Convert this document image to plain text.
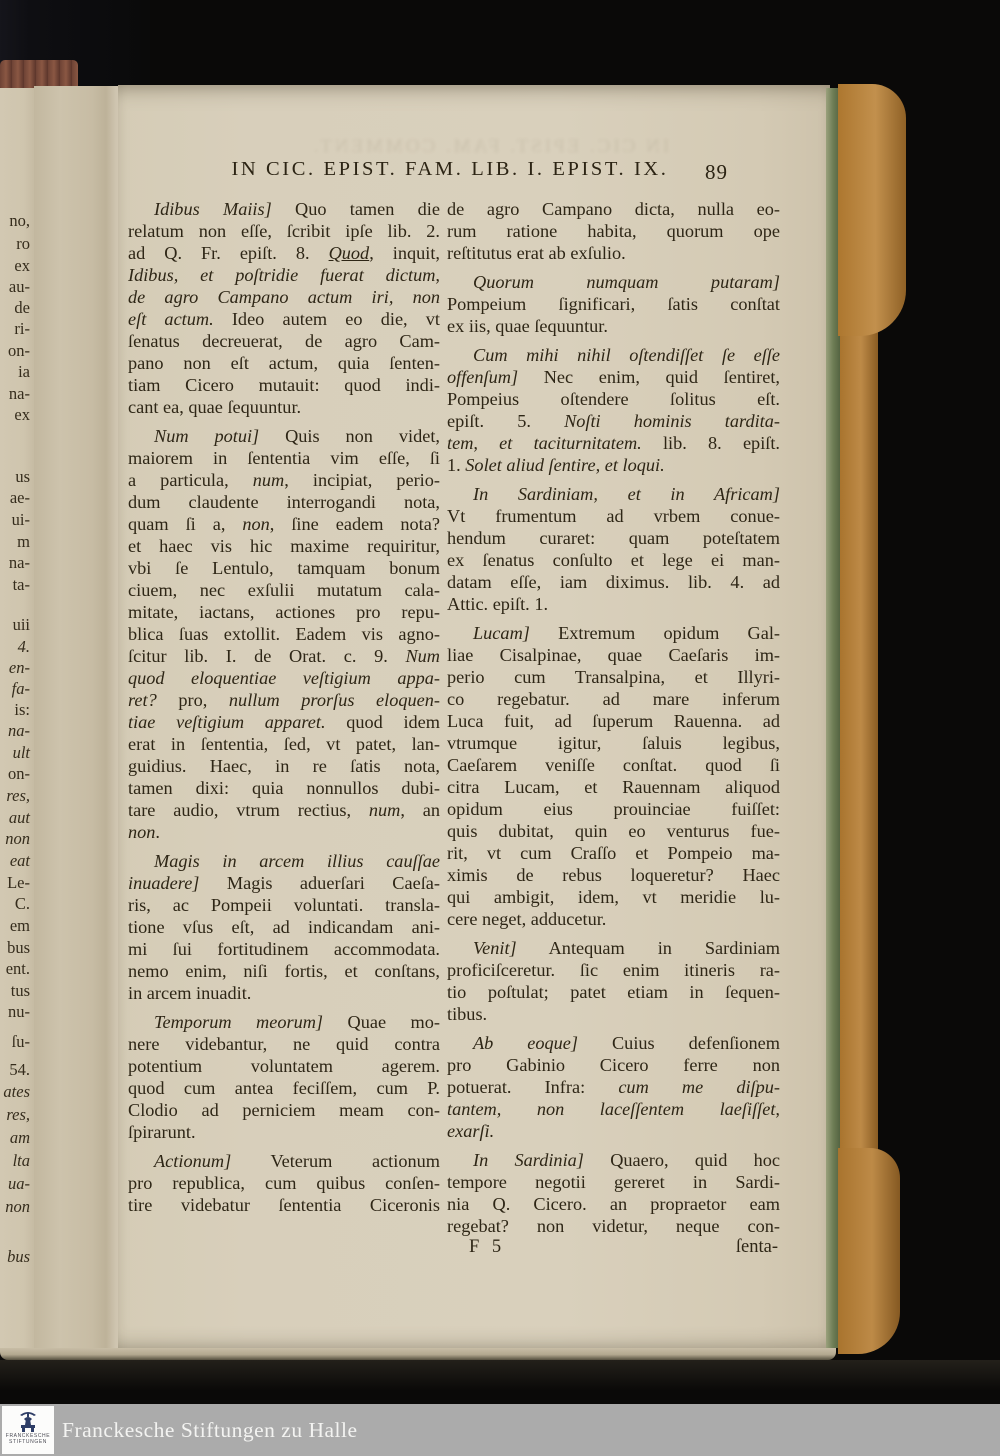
IN CIC. EPIST. FAM. COMMENT.
IN CIC. EPIST. FAM. LIB. I. EPIST. IX.	89
no,
ro
ex
au-
de
ri-
on-
ia
na-
ex
us
ae-
ui-
m
na-
ta-
uii
4.
en-
fa-
is:
na-
ult
on-
res,
aut
non
eat
Le-
C.
em
bus
ent.
tus
nu-
ſu-
54.
ates
res,
am
lta
ua-
non
bus
Idibus Maiis] Quo tamen die
relatum non eſſe, ſcribit ipſe lib. 2.
ad Q. Fr. epiſt. 8. Quod, inquit,
Idibus, et poſtridie fuerat dictum,
de agro Campano actum iri, non
eſt actum. Ideo autem eo die, vt
ſenatus decreuerat, de agro Cam-
pano non eſt actum, quia ſenten-
tiam Cicero mutauit: quod indi-
cant ea, quae ſequuntur.
Num potui] Quis non videt,
maiorem in ſententia vim eſſe, ſi
a particula, num, incipiat, perio-
dum claudente interrogandi nota,
quam ſi a, non, ſine eadem nota?
et haec vis hic maxime requiritur,
vbi ſe Lentulo, tamquam bonum
ciuem, nec exſulii mutatum cala-
mitate, iactans, actiones pro repu-
blica ſuas extollit. Eadem vis agno-
ſcitur lib. I. de Orat. c. 9. Num
quod eloquentiae veſtigium appa-
ret? pro, nullum prorſus eloquen-
tiae veſtigium apparet. quod idem
erat in ſententia, ſed, vt patet, lan-
guidius. Haec, in re ſatis nota,
tamen dixi: quia nonnullos dubi-
tare audio, vtrum rectius, num, an
non.
Magis in arcem illius cauſſae
inuadere] Magis aduerſari Caeſa-
ris, ac Pompeii voluntati. transla-
tione vſus eſt, ad indicandam ani-
mi ſui fortitudinem accommodata.
nemo enim, niſi fortis, et conſtans,
in arcem inuadit.
Temporum meorum] Quae mo-
nere videbantur, ne quid contra
potentium voluntatem agerem.
quod cum antea feciſſem, cum P.
Clodio ad perniciem meam con-
ſpirarunt.
Actionum] Veterum actionum
pro republica, cum quibus conſen-
tire videbatur ſententia Ciceronis
de agro Campano dicta, nulla eo-
rum ratione habita, quorum ope
reſtitutus erat ab exſulio.
Quorum numquam putaram]
Pompeium ſignificari, ſatis conſtat
ex iis, quae ſequuntur.
Cum mihi nihil oſtendiſſet ſe eſſe
offenſum] Nec enim, quid ſentiret,
Pompeius oſtendere ſolitus eſt.
epiſt. 5. Noſti hominis tardita-
tem, et taciturnitatem. lib. 8. epiſt.
1. Solet aliud ſentire, et loqui.
In Sardiniam, et in Africam]
Vt frumentum ad vrbem conue-
hendum curaret: quam poteſtatem
ex ſenatus conſulto et lege ei man-
datam eſſe, iam diximus. lib. 4. ad
Attic. epiſt. 1.
Lucam] Extremum opidum Gal-
liae Cisalpinae, quae Caeſaris im-
perio cum Transalpina, et Illyri-
co regebatur. ad mare inferum
Luca fuit, ad ſuperum Rauenna. ad
vtrumque igitur, ſaluis legibus,
Caeſarem veniſſe conſtat. quod ſi
citra Lucam, et Rauennam aliquod
opidum eius prouinciae fuiſſet:
quis dubitat, quin eo venturus fue-
rit, vt cum Craſſo et Pompeio ma-
ximis de rebus loqueretur? Haec
qui ambigit, idem, vt meridie lu-
cere neget, adducetur.
Venit] Antequam in Sardiniam
proficiſceretur. ſic enim itineris ra-
tio poſtulat; patet etiam in ſequen-
tibus.
Ab eoque] Cuius defenſionem
pro Gabinio Cicero ferre non
potuerat. Infra: cum me diſpu-
tantem, non laceſſentem laeſiſſet,
exarſi.
In Sardinia] Quaero, quid hoc
tempore negotii gereret in Sardi-
nia Q. Cicero. an propraetor eam
regebat? non videtur, neque con-
F 5	ſenta-
FRANCKESCHE
STIFTUNGEN Franckesche Stiftungen zu Halle
